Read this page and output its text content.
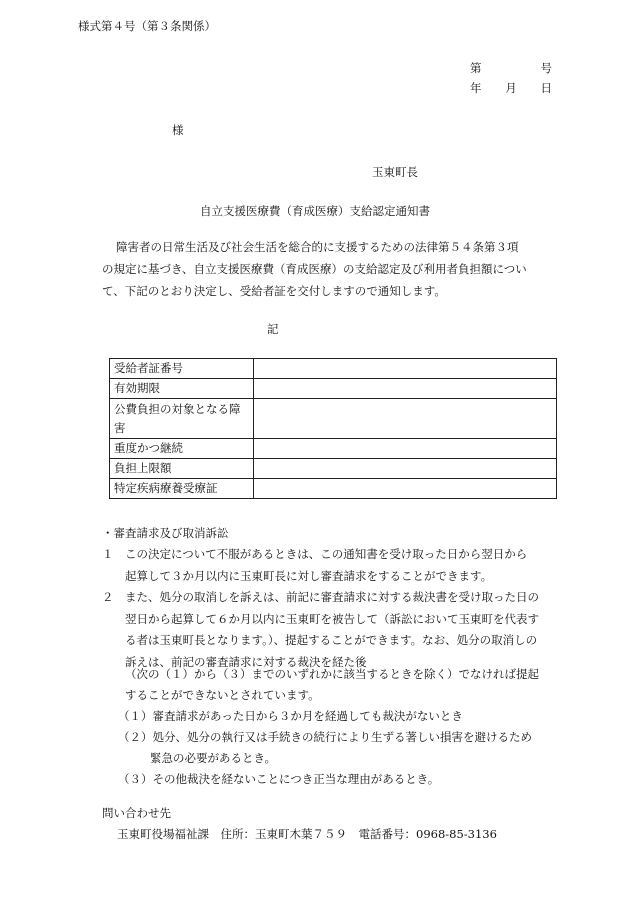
様式第４号（第３条関係）
第	号
年 月 日
様
玉東町長
自立支援医療費（育成医療）支給認定通知書
障害者の日常生活及び社会生活を総合的に支援するための法律第５４条第３項
の規定に基づき、自立支援医療費（育成医療）の支給認定及び利用者負担額につい
て、下記のとおり決定し、受給者証を交付しますので通知します。
記
受給者証番号	
有効期限	

公費負担の対象となる障
害	

重度かつ継続	
負担上限額	
特定疾病療養受療証	
・審査請求及び取消訴訟
１ この決定について不服があるときは、この通知書を受け取った日から翌日から
起算して３か月以内に玉東町長に対し審査請求をすることができます。
２ また、処分の取消しを訴えは、前記に審査請求に対する裁決書を受け取った日の
翌日から起算して６か月以内に玉東町を被告して（訴訟において玉東町を代表す
る者は玉東町長となります。）、提起することができます。なお、処分の取消しの
訴えは、前記の審査請求に対する裁決を経た後
（次の（１）から（３）までのいずれかに該当するときを除く）でなければ提起
することができないとされています。
（１）審査請求があった日から３か月を経過しても裁決がないとき
（２）処分、処分の執行又は手続きの続行により生ずる著しい損害を避けるため
緊急の必要があるとき。
（３）その他裁決を経ないことにつき正当な理由があるとき。
問い合わせ先
玉東町役場福祉課　住所：玉東町木葉７５９　電話番号：0968-85-3136
